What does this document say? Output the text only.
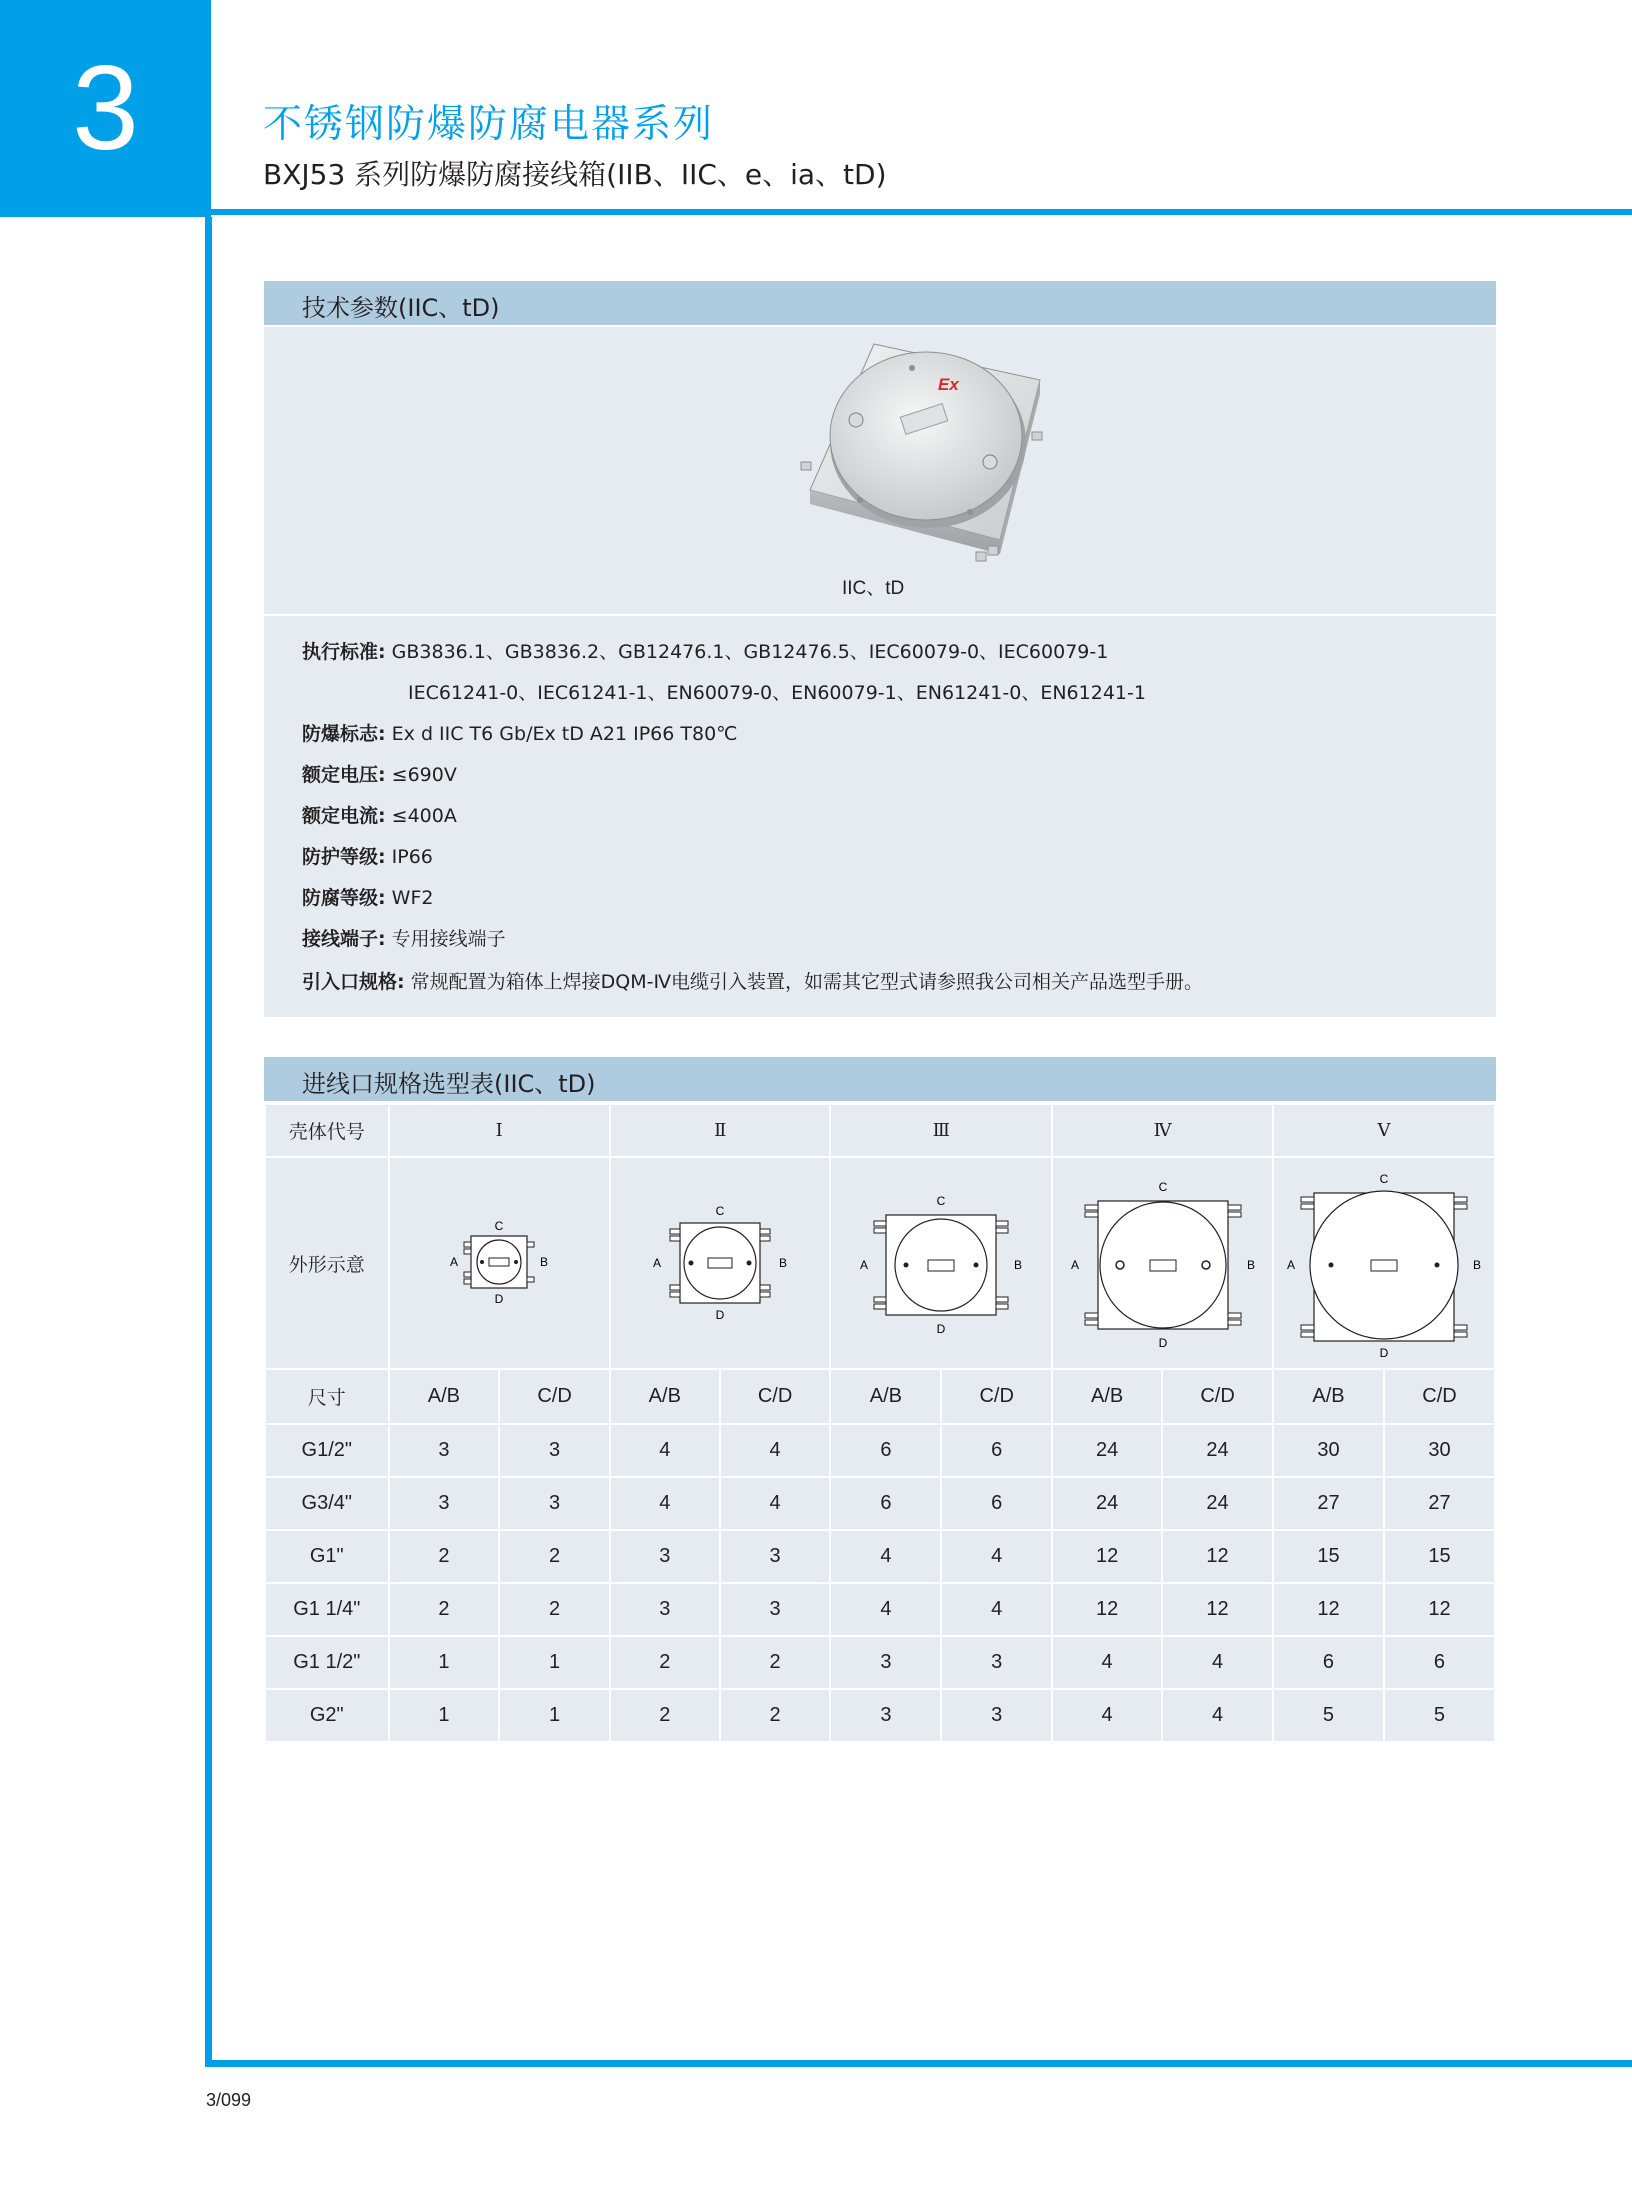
3	不锈钢防爆防腐电器系列
BXJ53 系列防爆防腐接线箱(IIB、IIC、e、ia、tD)
技术参数(IIC、tD)
Ex
IIC、tD
执行标准: GB3836.1、GB3836.2、GB12476.1、GB12476.5、IEC60079-0、IEC60079-1
IEC61241-0、IEC61241-1、EN60079-0、EN60079-1、EN61241-0、EN61241-1
防爆标志: Ex d IIC T6 Gb/Ex tD A21 IP66 T80℃
额定电压: ≤690V
额定电流: ≤400A
防护等级: IP66
防腐等级: WF2
接线端子: 专用接线端子
引入口规格: 常规配置为箱体上焊接DQM-Ⅳ电缆引入装置，如需其它型式请参照我公司相关产品选型手册。
进线口规格选型表(IIC、tD)
壳体代号	Ⅰ		Ⅱ		Ⅲ		Ⅳ		Ⅴ	
外形示意	C
A B
D		C
A B
D		C
A B
D		C
A B
D		C
A B
D	

尺寸	A/B	C/D	A/B	C/D	A/B	C/D	A/B	C/D	A/B	C/D
G1/2"	3	3	4	4	6	6	24	24	30	30
G3/4"	3	3	4	4	6	6	24	24	27	27
G1"	2	2	3	3	4	4	12	12	15	15
G1 1/4"	2	2	3	3	4	4	12	12	12	12
G1 1/2"	1	1	2	2	3	3	4	4	6	6
G2"	1	1	2	2	3	3	4	4	5	5
3/099
